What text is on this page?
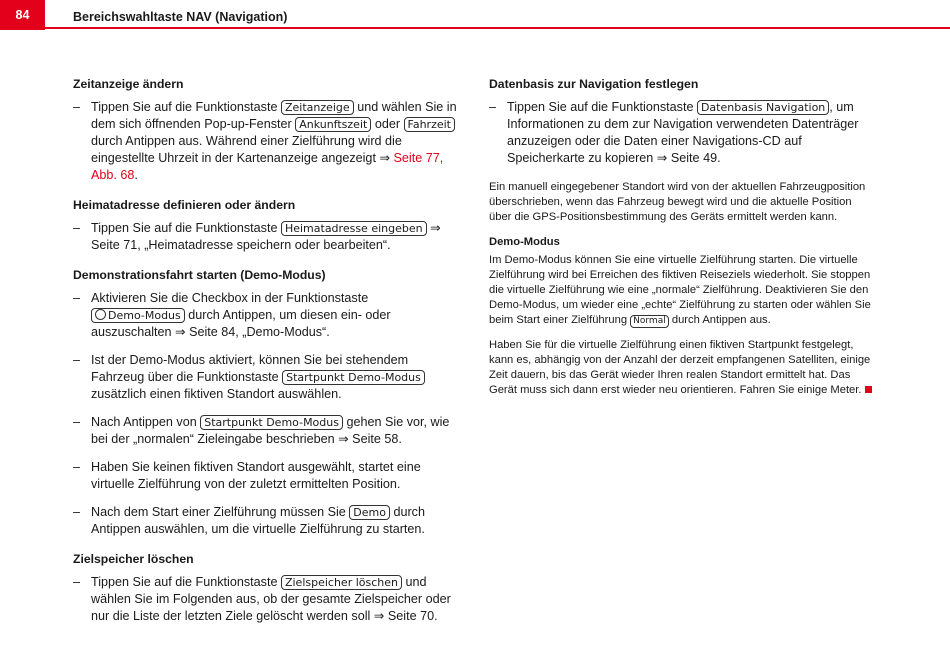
84	Bereichswahltaste NAV (Navigation)
Zeitanzeige ändern
– Tippen Sie auf die Funktionstaste Zeitanzeige und wählen Sie in dem sich öffnenden Pop-up-Fenster Ankunftszeit oder Fahrzeit durch Antippen aus. Während einer Zielführung wird die eingestellte Uhrzeit in der Kartenanzeige angezeigt ⇒ Seite 77, Abb. 68.
Heimatadresse definieren oder ändern
– Tippen Sie auf die Funktionstaste Heimatadresse eingeben ⇒ Seite 71, „Heimatadresse speichern oder bearbeiten“.
Demonstrationsfahrt starten (Demo-Modus)
– Aktivieren Sie die Checkbox in der Funktionstaste Demo-Modus durch Antippen, um diesen ein- oder auszuschalten ⇒ Seite 84, „Demo-Modus“.
– Ist der Demo-Modus aktiviert, können Sie bei stehendem Fahrzeug über die Funktionstaste Startpunkt Demo-Modus zusätzlich einen fiktiven Standort auswählen.
– Nach Antippen von Startpunkt Demo-Modus gehen Sie vor, wie bei der „normalen“ Zieleingabe beschrieben ⇒ Seite 58.
– Haben Sie keinen fiktiven Standort ausgewählt, startet eine virtuelle Zielführung von der zuletzt ermittelten Position.
– Nach dem Start einer Zielführung müssen Sie Demo durch Antippen auswählen, um die virtuelle Zielführung zu starten.
Zielspeicher löschen
– Tippen Sie auf die Funktionstaste Zielspeicher löschen und wählen Sie im Folgenden aus, ob der gesamte Zielspeicher oder nur die Liste der letzten Ziele gelöscht werden soll ⇒ Seite 70.
Datenbasis zur Navigation festlegen
– Tippen Sie auf die Funktionstaste Datenbasis Navigation , um Informationen zu dem zur Navigation verwendeten Datenträger anzuzeigen oder die Daten einer Navigations-CD auf Speicherkarte zu kopieren ⇒ Seite 49.
Ein manuell eingegebener Standort wird von der aktuellen Fahrzeugposition überschrieben, wenn das Fahrzeug bewegt wird und die aktuelle Position über die GPS-Positionsbestimmung des Geräts ermittelt werden kann.
Demo-Modus
Im Demo-Modus können Sie eine virtuelle Zielführung starten. Die virtuelle Zielführung wird bei Erreichen des fiktiven Reiseziels wiederholt. Sie stoppen die virtuelle Zielführung wie eine „normale“ Zielführung. Deaktivieren Sie den Demo-Modus, um wieder eine „echte“ Zielführung zu starten oder wählen Sie beim Start einer Zielführung Normal durch Antippen aus.
Haben Sie für die virtuelle Zielführung einen fiktiven Startpunkt festgelegt, kann es, abhängig von der Anzahl der derzeit empfangenen Satelliten, einige Zeit dauern, bis das Gerät wieder Ihren realen Standort ermittelt hat. Das Gerät muss sich dann erst wieder neu orientieren. Fahren Sie einige Meter.
